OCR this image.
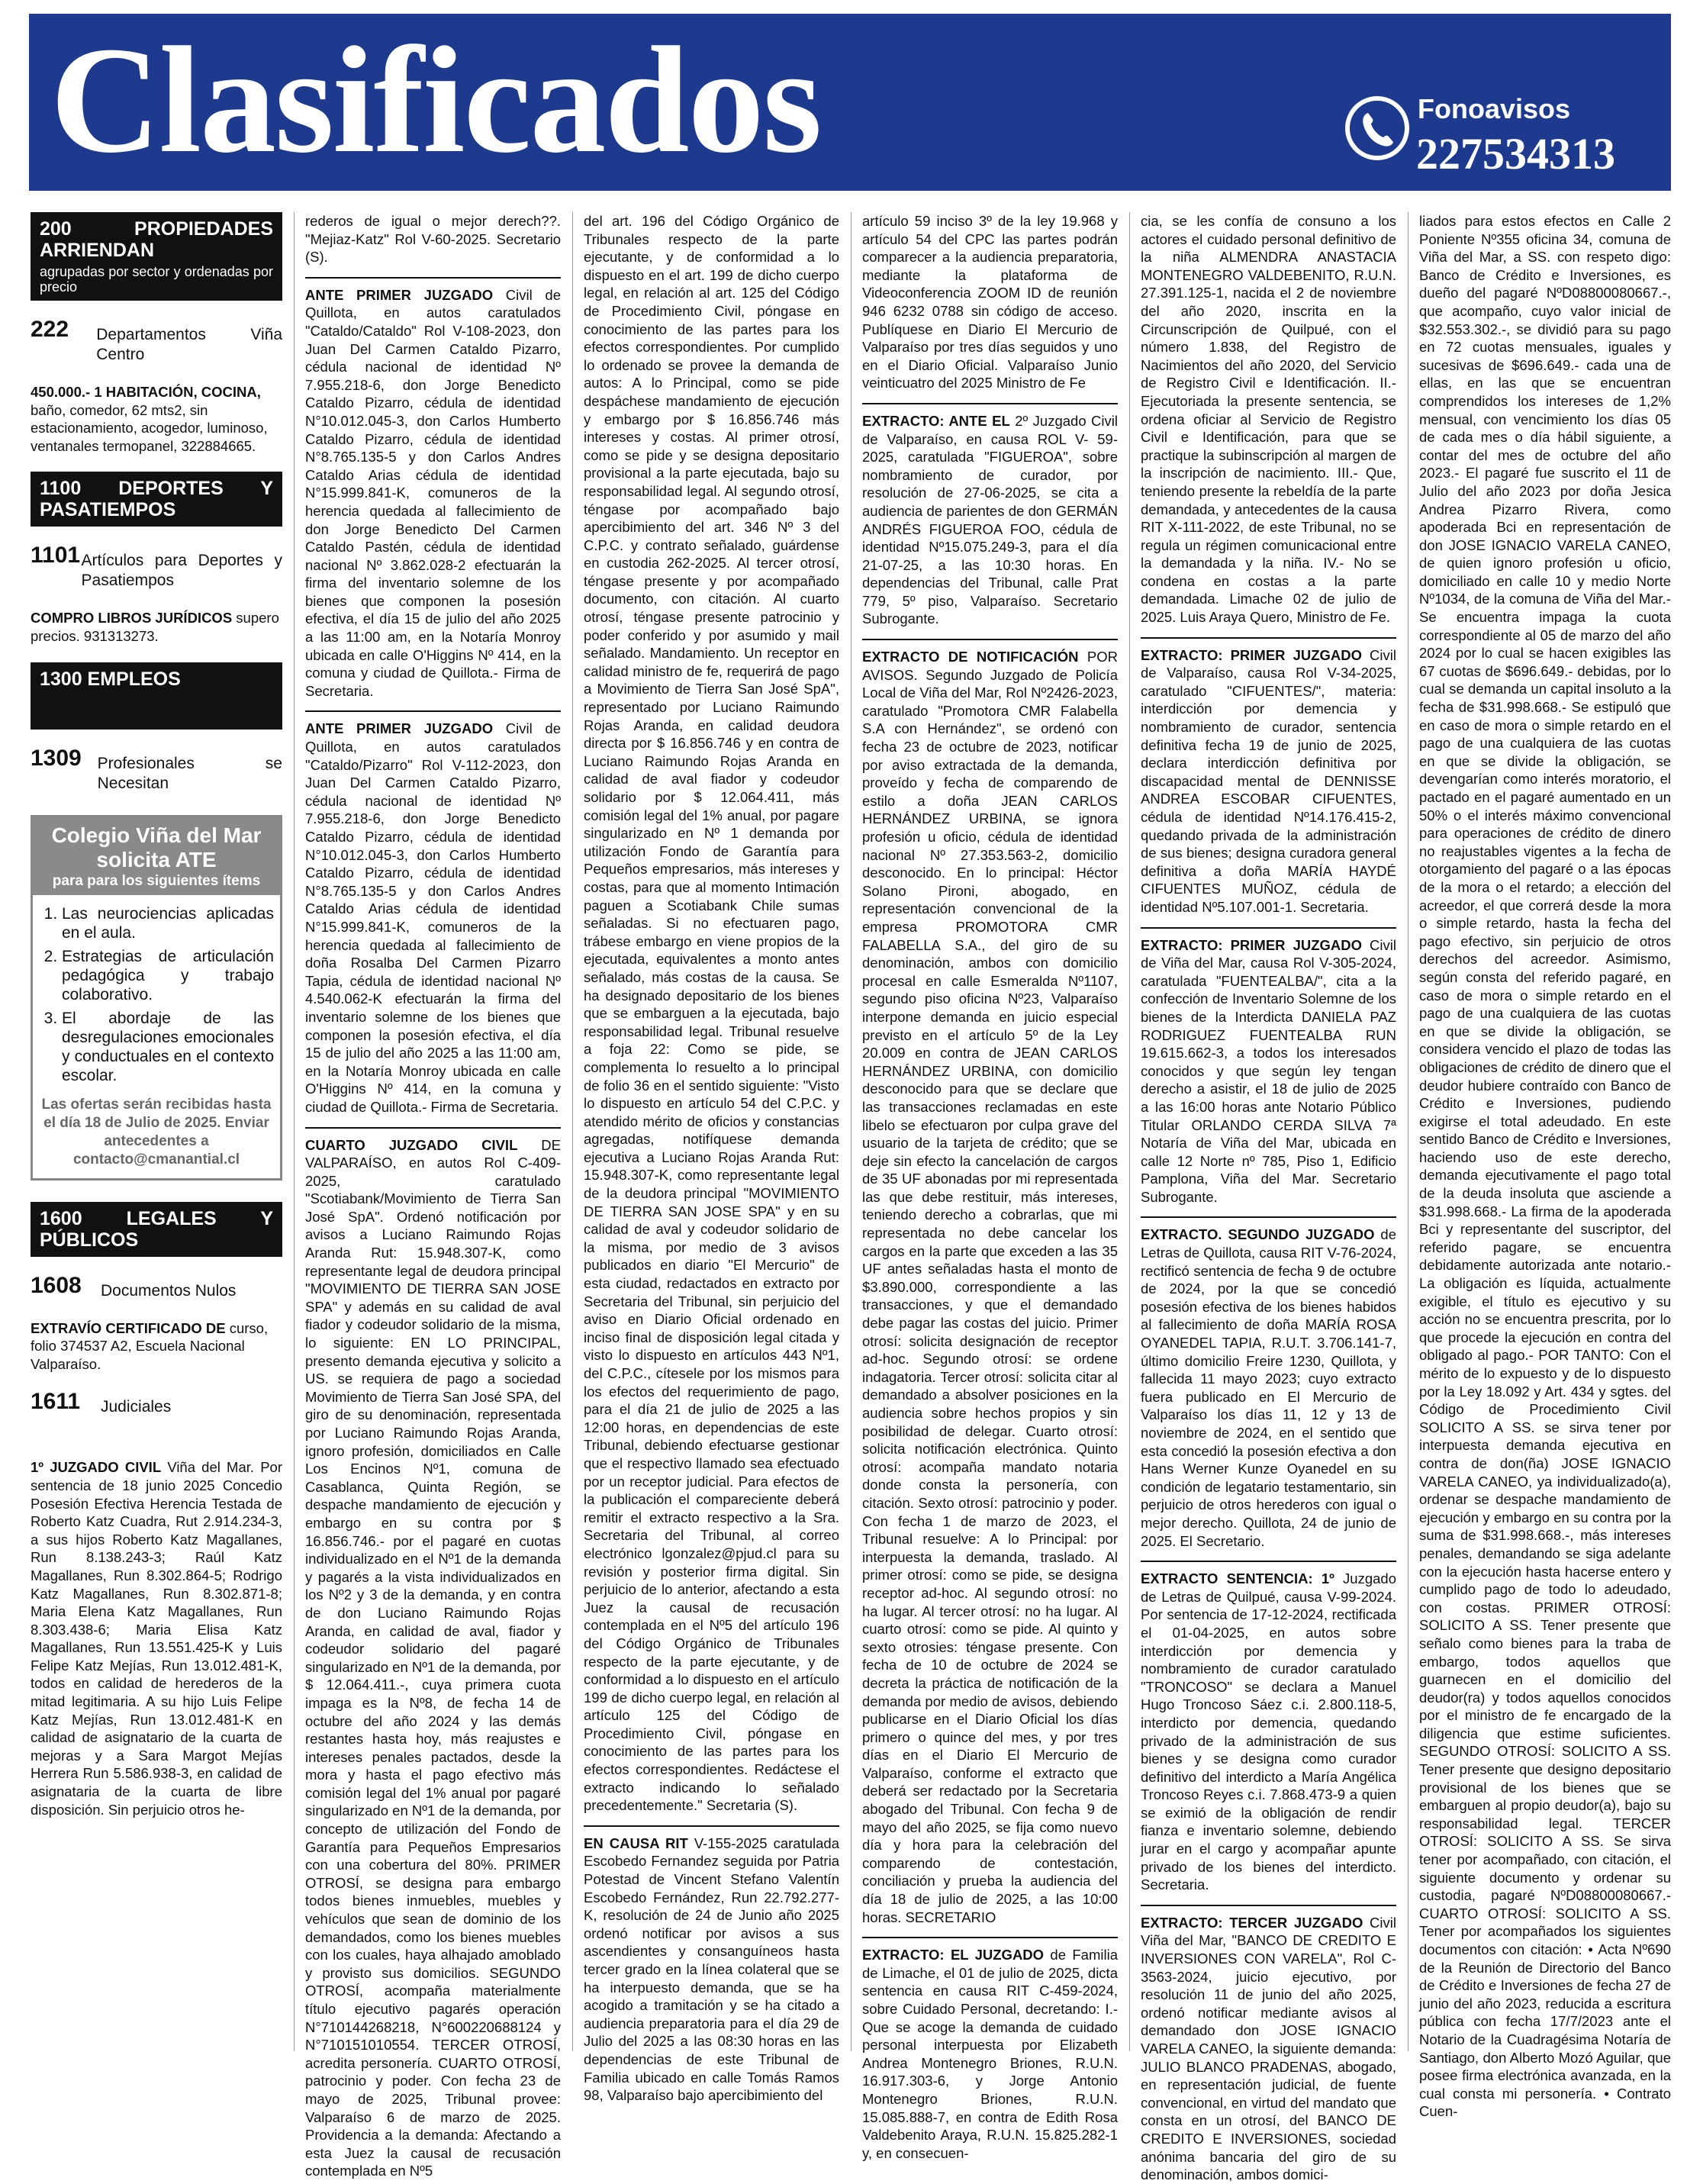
Clasificados	Fonoavisos
227534313
200 PROPIEDADES ARRIENDAN
agrupadas por sector y ordenadas por precio
222	Departamentos Viña Centro
450.000.- 1 HABITACIÓN, COCINA, baño, comedor, 62 mts2, sin estacionamiento, acogedor, luminoso, ventanales termopanel, 322884665.
1100 DEPORTES Y PASATIEMPOS
1101 Artículos para Deportes y Pasatiempos
COMPRO LIBROS JURÍDICOS supero precios. 931313273.
1300 EMPLEOS
1309 Profesionales se Necesitan
Colegio Viña del Mar
solicita ATE
para para los siguientes ítems
1. Las neurociencias aplicadas en el aula.
2. Estrategias de articulación pedagógica y trabajo colaborativo.
3. El abordaje de las desregulaciones emocionales y conductuales en el contexto escolar.
Las ofertas serán recibidas hasta el día 18 de Julio de 2025. Enviar antecedentes a contacto@cmanantial.cl
1600 LEGALES Y PÚBLICOS
1608	Documentos Nulos
EXTRAVÍO CERTIFICADO DE curso, folio 374537 A2, Escuela Nacional Valparaíso.
1611	Judiciales

1º JUZGADO CIVIL Viña del Mar. Por sentencia de 18 junio 2025 Concedio Posesión Efectiva Herencia Testada de Roberto Katz Cuadra, Rut 2.914.234-3, a sus hijos Roberto Katz Magallanes, Run 8.138.243-3; Raúl Katz Magallanes, Run 8.302.864-5; Rodrigo Katz Magallanes, Run 8.302.871-8; Maria Elena Katz Magallanes, Run 8.303.438-6; Maria Elisa Katz Magallanes, Run 13.551.425-K y Luis Felipe Katz Mejías, Run 13.012.481-K, todos en calidad de herederos de la mitad legitimaria. A su hijo Luis Felipe Katz Mejías, Run 13.012.481-K en calidad de asignatario de la cuarta de mejoras y a Sara Margot Mejías Herrera Run 5.586.938-3, en calidad de asignataria de la cuarta de libre disposición. Sin perjuicio otros he-

rederos de igual o mejor derech??. "Mejiaz-Katz" Rol V-60-2025. Secretario (S).

ANTE PRIMER JUZGADO Civil de Quillota, en autos caratulados "Cataldo/Cataldo" Rol V-108-2023, don Juan Del Carmen Cataldo Pizarro, cédula nacional de identidad Nº 7.955.218-6, don Jorge Benedicto Cataldo Pizarro, cédula de identidad N°10.012.045-3, don Carlos Humberto Cataldo Pizarro, cédula de identidad N°8.765.135-5 y don Carlos Andres Cataldo Arias cédula de identidad N°15.999.841-K, comuneros de la herencia quedada al fallecimiento de don Jorge Benedicto Del Carmen Cataldo Pastén, cédula de identidad nacional Nº 3.862.028-2 efectuarán la firma del inventario solemne de los bienes que componen la posesión efectiva, el día 15 de julio del año 2025 a las 11:00 am, en la Notaría Monroy ubicada en calle O'Higgins Nº 414, en la comuna y ciudad de Quillota.- Firma de Secretaria.

ANTE PRIMER JUZGADO Civil de Quillota, en autos caratulados "Cataldo/Pizarro" Rol V-112-2023, don Juan Del Carmen Cataldo Pizarro, cédula nacional de identidad Nº 7.955.218-6, don Jorge Benedicto Cataldo Pizarro, cédula de identidad N°10.012.045-3, don Carlos Humberto Cataldo Pizarro, cédula de identidad N°8.765.135-5 y don Carlos Andres Cataldo Arias cédula de identidad N°15.999.841-K, comuneros de la herencia quedada al fallecimiento de doña Rosalba Del Carmen Pizarro Tapia, cédula de identidad nacional Nº 4.540.062-K efectuarán la firma del inventario solemne de los bienes que componen la posesión efectiva, el día 15 de julio del año 2025 a las 11:00 am, en la Notaría Monroy ubicada en calle O'Higgins Nº 414, en la comuna y ciudad de Quillota.- Firma de Secretaria.

CUARTO JUZGADO CIVIL DE VALPARAÍSO, en autos Rol C-409-2025, caratulado "Scotiabank/Movimiento de Tierra San José SpA". Ordenó notificación por avisos a Luciano Raimundo Rojas Aranda Rut: 15.948.307-K, como representante legal de deudora principal "MOVIMIENTO DE TIERRA SAN JOSE SPA" y además en su calidad de aval fiador y codeudor solidario de la misma, lo siguiente: EN LO PRINCIPAL, presento demanda ejecutiva y solicito a US. se requiera de pago a sociedad Movimiento de Tierra San José SPA, del giro de su denominación, representada por Luciano Raimundo Rojas Aranda, ignoro profesión, domiciliados en Calle Los Encinos Nº1, comuna de Casablanca, Quinta Región, se despache mandamiento de ejecución y embargo en su contra por $ 16.856.746.- por el pagaré en cuotas individualizado en el Nº1 de la demanda y pagarés a la vista individualizados en los Nº2 y 3 de la demanda, y en contra de don Luciano Raimundo Rojas Aranda, en calidad de aval, fiador y codeudor solidario del pagaré singularizado en Nº1 de la demanda, por $ 12.064.411.-, cuya primera cuota impaga es la Nº8, de fecha 14 de octubre del año 2024 y las demás restantes hasta hoy, más reajustes e intereses penales pactados, desde la mora y hasta el pago efectivo más comisión legal del 1% anual por pagaré singularizado en Nº1 de la demanda, por concepto de utilización del Fondo de Garantía para Pequeños Empresarios con una cobertura del 80%. PRIMER OTROSÍ, se designa para embargo todos bienes inmuebles, muebles y vehículos que sean de dominio de los demandados, como los bienes muebles con los cuales, haya alhajado amoblado y provisto sus domicilios. SEGUNDO OTROSÍ, acompaña materialmente título ejecutivo pagarés operación N°710144268218, N°600220688124 y N°710151010554. TERCER OTROSÍ, acredita personería. CUARTO OTROSÍ, patrocinio y poder. Con fecha 23 de mayo de 2025, Tribunal provee: Valparaíso 6 de marzo de 2025. Providencia a la demanda: Afectando a esta Juez la causal de recusación contemplada en Nº5

del art. 196 del Código Orgánico de Tribunales respecto de la parte ejecutante, y de conformidad a lo dispuesto en el art. 199 de dicho cuerpo legal, en relación al art. 125 del Código de Procedimiento Civil, póngase en conocimiento de las partes para los efectos correspondientes. Por cumplido lo ordenado se provee la demanda de autos: A lo Principal, como se pide despáchese mandamiento de ejecución y embargo por $ 16.856.746 más intereses y costas. Al primer otrosí, como se pide y se designa depositario provisional a la parte ejecutada, bajo su responsabilidad legal. Al segundo otrosí, téngase por acompañado bajo apercibimiento del art. 346 Nº 3 del C.P.C. y contrato señalado, guárdense en custodia 262-2025. Al tercer otrosí, téngase presente y por acompañado documento, con citación. Al cuarto otrosí, téngase presente patrocinio y poder conferido y por asumido y mail señalado. Mandamiento. Un receptor en calidad ministro de fe, requerirá de pago a Movimiento de Tierra San José SpA", representado por Luciano Raimundo Rojas Aranda, en calidad deudora directa por $ 16.856.746 y en contra de Luciano Raimundo Rojas Aranda en calidad de aval fiador y codeudor solidario por $ 12.064.411, más comisión legal del 1% anual, por pagare singularizado en Nº 1 demanda por utilización Fondo de Garantía para Pequeños empresarios, más intereses y costas, para que al momento Intimación paguen a Scotiabank Chile sumas señaladas. Si no efectuaren pago, trábese embargo en viene propios de la ejecutada, equivalentes a monto antes señalado, más costas de la causa. Se ha designado depositario de los bienes que se embarguen a la ejecutada, bajo responsabilidad legal. Tribunal resuelve a foja 22: Como se pide, se complementa lo resuelto a lo principal de folio 36 en el sentido siguiente: "Visto lo dispuesto en artículo 54 del C.P.C. y atendido mérito de oficios y constancias agregadas, notifíquese demanda ejecutiva a Luciano Rojas Aranda Rut: 15.948.307-K, como representante legal de la deudora principal "MOVIMIENTO DE TIERRA SAN JOSE SPA" y en su calidad de aval y codeudor solidario de la misma, por medio de 3 avisos publicados en diario "El Mercurio" de esta ciudad, redactados en extracto por Secretaria del Tribunal, sin perjuicio del aviso en Diario Oficial ordenado en inciso final de disposición legal citada y visto lo dispuesto en artículos 443 Nº1, del C.P.C., cítesele por los mismos para los efectos del requerimiento de pago, para el día 21 de julio de 2025 a las 12:00 horas, en dependencias de este Tribunal, debiendo efectuarse gestionar que el respectivo llamado sea efectuado por un receptor judicial. Para efectos de la publicación el compareciente deberá remitir el extracto respectivo a la Sra. Secretaria del Tribunal, al correo electrónico lgonzalez@pjud.cl para su revisión y posterior firma digital. Sin perjuicio de lo anterior, afectando a esta Juez la causal de recusación contemplada en el Nº5 del artículo 196 del Código Orgánico de Tribunales respecto de la parte ejecutante, y de conformidad a lo dispuesto en el artículo 199 de dicho cuerpo legal, en relación al artículo 125 del Código de Procedimiento Civil, póngase en conocimiento de las partes para los efectos correspondientes. Redáctese el extracto indicando lo señalado precedentemente." Secretaria (S).

EN CAUSA RIT V-155-2025 caratulada Escobedo Fernandez seguida por Patria Potestad de Vincent Stefano Valentín Escobedo Fernández, Run 22.792.277-K, resolución de 24 de Junio año 2025 ordenó notificar por avisos a sus ascendientes y consanguíneos hasta tercer grado en la línea colateral que se ha interpuesto demanda, que se ha acogido a tramitación y se ha citado a audiencia preparatoria para el día 29 de Julio del 2025 a las 08:30 horas en las dependencias de este Tribunal de Familia ubicado en calle Tomás Ramos 98, Valparaíso bajo apercibimiento del

artículo 59 inciso 3º de la ley 19.968 y artículo 54 del CPC las partes podrán comparecer a la audiencia preparatoria, mediante la plataforma de Videoconferencia ZOOM ID de reunión 946 6232 0788 sin código de acceso. Publíquese en Diario El Mercurio de Valparaíso por tres días seguidos y uno en el Diario Oficial. Valparaíso Junio veinticuatro del 2025 Ministro de Fe

EXTRACTO: ANTE EL 2º Juzgado Civil de Valparaíso, en causa ROL V- 59-2025, caratulada "FIGUEROA", sobre nombramiento de curador, por resolución de 27-06-2025, se cita a audiencia de parientes de don GERMÁN ANDRÉS FIGUEROA FOO, cédula de identidad Nº15.075.249-3, para el día 21-07-25, a las 10:30 horas. En dependencias del Tribunal, calle Prat 779, 5º piso, Valparaíso. Secretario Subrogante.

EXTRACTO DE NOTIFICACIÓN POR AVISOS. Segundo Juzgado de Policía Local de Viña del Mar, Rol Nº2426-2023, caratulado "Promotora CMR Falabella S.A con Hernández", se ordenó con fecha 23 de octubre de 2023, notificar por aviso extractada de la demanda, proveído y fecha de comparendo de estilo a doña JEAN CARLOS HERNÁNDEZ URBINA, se ignora profesión u oficio, cédula de identidad nacional Nº 27.353.563-2, domicilio desconocido. En lo principal: Héctor Solano Pironi, abogado, en representación convencional de la empresa PROMOTORA CMR FALABELLA S.A., del giro de su denominación, ambos con domicilio procesal en calle Esmeralda Nº1107, segundo piso oficina Nº23, Valparaíso interpone demanda en juicio especial previsto en el artículo 5º de la Ley 20.009 en contra de JEAN CARLOS HERNÁNDEZ URBINA, con domicilio desconocido para que se declare que las transacciones reclamadas en este libelo se efectuaron por culpa grave del usuario de la tarjeta de crédito; que se deje sin efecto la cancelación de cargos de 35 UF abonadas por mi representada las que debe restituir, más intereses, teniendo derecho a cobrarlas, que mi representada no debe cancelar los cargos en la parte que exceden a las 35 UF antes señaladas hasta el monto de $3.890.000, correspondiente a las transacciones, y que el demandado debe pagar las costas del juicio. Primer otrosí: solicita designación de receptor ad-hoc. Segundo otrosí: se ordene indagatoria. Tercer otrosí: solicita citar al demandado a absolver posiciones en la audiencia sobre hechos propios y sin posibilidad de delegar. Cuarto otrosí: solicita notificación electrónica. Quinto otrosí: acompaña mandato notaria donde consta la personería, con citación. Sexto otrosí: patrocinio y poder. Con fecha 1 de marzo de 2023, el Tribunal resuelve: A lo Principal: por interpuesta la demanda, traslado. Al primer otrosí: como se pide, se designa receptor ad-hoc. Al segundo otrosí: no ha lugar. Al tercer otrosí: no ha lugar. Al cuarto otrosí: como se pide. Al quinto y sexto otrosies: téngase presente. Con fecha de 10 de octubre de 2024 se decreta la práctica de notificación de la demanda por medio de avisos, debiendo publicarse en el Diario Oficial los días primero o quince del mes, y por tres días en el Diario El Mercurio de Valparaíso, conforme el extracto que deberá ser redactado por la Secretaria abogado del Tribunal. Con fecha 9 de mayo del año 2025, se fija como nuevo día y hora para la celebración del comparendo de contestación, conciliación y prueba la audiencia del día 18 de julio de 2025, a las 10:00 horas. SECRETARIO

EXTRACTO: EL JUZGADO de Familia de Limache, el 01 de julio de 2025, dicta sentencia en causa RIT C-459-2024, sobre Cuidado Personal, decretando: I.- Que se acoge la demanda de cuidado personal interpuesta por Elizabeth Andrea Montenegro Briones, R.U.N. 16.917.303-6, y Jorge Antonio Montenegro Briones, R.U.N. 15.085.888-7, en contra de Edith Rosa Valdebenito Araya, R.U.N. 15.825.282-1 y, en consecuen-

cia, se les confía de consuno a los actores el cuidado personal definitivo de la niña ALMENDRA ANASTACIA MONTENEGRO VALDEBENITO, R.U.N. 27.391.125-1, nacida el 2 de noviembre del año 2020, inscrita en la Circunscripción de Quilpué, con el número 1.838, del Registro de Nacimientos del año 2020, del Servicio de Registro Civil e Identificación. II.- Ejecutoriada la presente sentencia, se ordena oficiar al Servicio de Registro Civil e Identificación, para que se practique la subinscripción al margen de la inscripción de nacimiento. III.- Que, teniendo presente la rebeldía de la parte demandada, y antecedentes de la causa RIT X-111-2022, de este Tribunal, no se regula un régimen comunicacional entre la demandada y la niña. IV.- No se condena en costas a la parte demandada. Limache 02 de julio de 2025. Luis Araya Quero, Ministro de Fe.

EXTRACTO: PRIMER JUZGADO Civil de Valparaíso, causa Rol V-34-2025, caratulado "CIFUENTES/", materia: interdicción por demencia y nombramiento de curador, sentencia definitiva fecha 19 de junio de 2025, declara interdicción definitiva por discapacidad mental de DENNISSE ANDREA ESCOBAR CIFUENTES, cédula de identidad Nº14.176.415-2, quedando privada de la administración de sus bienes; designa curadora general definitiva a doña MARÍA HAYDÉ CIFUENTES MUÑOZ, cédula de identidad Nº5.107.001-1. Secretaria.

EXTRACTO: PRIMER JUZGADO Civil de Viña del Mar, causa Rol V-305-2024, caratulada "FUENTEALBA/", cita a la confección de Inventario Solemne de los bienes de la Interdicta DANIELA PAZ RODRIGUEZ FUENTEALBA RUN 19.615.662-3, a todos los interesados conocidos y que según ley tengan derecho a asistir, el 18 de julio de 2025 a las 16:00 horas ante Notario Público Titular ORLANDO CERDA SILVA 7ª Notaría de Viña del Mar, ubicada en calle 12 Norte nº 785, Piso 1, Edificio Pamplona, Viña del Mar. Secretario Subrogante.

EXTRACTO. SEGUNDO JUZGADO de Letras de Quillota, causa RIT V-76-2024, rectificó sentencia de fecha 9 de octubre de 2024, por la que se concedió posesión efectiva de los bienes habidos al fallecimiento de doña MARÍA ROSA OYANEDEL TAPIA, R.U.T. 3.706.141-7, último domicilio Freire 1230, Quillota, y fallecida 11 mayo 2023; cuyo extracto fuera publicado en El Mercurio de Valparaíso los días 11, 12 y 13 de noviembre de 2024, en el sentido que esta concedió la posesión efectiva a don Hans Werner Kunze Oyanedel en su condición de legatario testamentario, sin perjuicio de otros herederos con igual o mejor derecho. Quillota, 24 de junio de 2025. El Secretario.

EXTRACTO SENTENCIA: 1º Juzgado de Letras de Quilpué, causa V-99-2024. Por sentencia de 17-12-2024, rectificada el 01-04-2025, en autos sobre interdicción por demencia y nombramiento de curador caratulado "TRONCOSO" se declara a Manuel Hugo Troncoso Sáez c.i. 2.800.118-5, interdicto por demencia, quedando privado de la administración de sus bienes y se designa como curador definitivo del interdicto a María Angélica Troncoso Reyes c.i. 7.868.473-9 a quien se eximió de la obligación de rendir fianza e inventario solemne, debiendo jurar en el cargo y acompañar apunte privado de los bienes del interdicto. Secretaria.

EXTRACTO: TERCER JUZGADO Civil Viña del Mar, "BANCO DE CREDITO E INVERSIONES CON VARELA", Rol C-3563-2024, juicio ejecutivo, por resolución 11 de junio del año 2025, ordenó notificar mediante avisos al demandado don JOSE IGNACIO VARELA CANEO, la siguiente demanda: JULIO BLANCO PRADENAS, abogado, en representación judicial, de fuente convencional, en virtud del mandato que consta en un otrosí, del BANCO DE CREDITO E INVERSIONES, sociedad anónima bancaria del giro de su denominación, ambos domici-

liados para estos efectos en Calle 2 Poniente Nº355 oficina 34, comuna de Viña del Mar, a SS. con respeto digo: Banco de Crédito e Inversiones, es dueño del pagaré NºD08800080667.-, que acompaño, cuyo valor inicial de $32.553.302.-, se dividió para su pago en 72 cuotas mensuales, iguales y sucesivas de $696.649.- cada una de ellas, en las que se encuentran comprendidos los intereses de 1,2% mensual, con vencimiento los días 05 de cada mes o día hábil siguiente, a contar del mes de octubre del año 2023.- El pagaré fue suscrito el 11 de Julio del año 2023 por doña Jesica Andrea Pizarro Rivera, como apoderada Bci en representación de don JOSE IGNACIO VARELA CANEO, de quien ignoro profesión u oficio, domiciliado en calle 10 y medio Norte Nº1034, de la comuna de Viña del Mar.- Se encuentra impaga la cuota correspondiente al 05 de marzo del año 2024 por lo cual se hacen exigibles las 67 cuotas de $696.649.- debidas, por lo cual se demanda un capital insoluto a la fecha de $31.998.668.- Se estipuló que en caso de mora o simple retardo en el pago de una cualquiera de las cuotas en que se divide la obligación, se devengarían como interés moratorio, el pactado en el pagaré aumentado en un 50% o el interés máximo convencional para operaciones de crédito de dinero no reajustables vigentes a la fecha de otorgamiento del pagaré o a las épocas de la mora o el retardo; a elección del acreedor, el que correrá desde la mora o simple retardo, hasta la fecha del pago efectivo, sin perjuicio de otros derechos del acreedor. Asimismo, según consta del referido pagaré, en caso de mora o simple retardo en el pago de una cualquiera de las cuotas en que se divide la obligación, se considera vencido el plazo de todas las obligaciones de crédito de dinero que el deudor hubiere contraído con Banco de Crédito e Inversiones, pudiendo exigirse el total adeudado. En este sentido Banco de Crédito e Inversiones, haciendo uso de este derecho, demanda ejecutivamente el pago total de la deuda insoluta que asciende a $31.998.668.- La firma de la apoderada Bci y representante del suscriptor, del referido pagare, se encuentra debidamente autorizada ante notario.- La obligación es líquida, actualmente exigible, el título es ejecutivo y su acción no se encuentra prescrita, por lo que procede la ejecución en contra del obligado al pago.- POR TANTO: Con el mérito de lo expuesto y de lo dispuesto por la Ley 18.092 y Art. 434 y sgtes. del Código de Procedimiento Civil SOLICITO A SS. se sirva tener por interpuesta demanda ejecutiva en contra de don(ña) JOSE IGNACIO VARELA CANEO, ya individualizado(a), ordenar se despache mandamiento de ejecución y embargo en su contra por la suma de $31.998.668.-, más intereses penales, demandando se siga adelante con la ejecución hasta hacerse entero y cumplido pago de todo lo adeudado, con costas. PRIMER OTROSÍ: SOLICITO A SS. Tener presente que señalo como bienes para la traba de embargo, todos aquellos que guarnecen en el domicilio del deudor(ra) y todos aquellos conocidos por el ministro de fe encargado de la diligencia que estime suficientes. SEGUNDO OTROSÍ: SOLICITO A SS. Tener presente que designo depositario provisional de los bienes que se embarguen al propio deudor(a), bajo su responsabilidad legal. TERCER OTROSÍ: SOLICITO A SS. Se sirva tener por acompañado, con citación, el siguiente documento y ordenar su custodia, pagaré NºD08800080667.- CUARTO OTROSÍ: SOLICITO A SS. Tener por acompañados los siguientes documentos con citación: • Acta Nº690 de la Reunión de Directorio del Banco de Crédito e Inversiones de fecha 27 de junio del año 2023, reducida a escritura pública con fecha 17/7/2023 ante el Notario de la Cuadragésima Notaría de Santiago, don Alberto Mozó Aguilar, que posee firma electrónica avanzada, en la cual consta mi personería. • Contrato Cuen-
